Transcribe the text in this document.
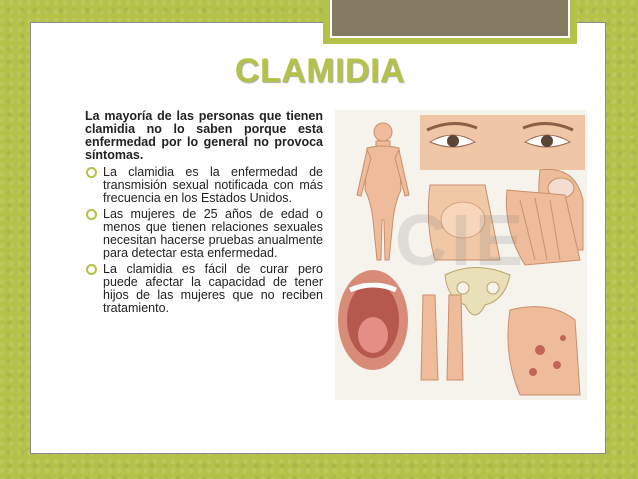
CLAMIDIA

La mayoría de las personas que tienen clamidia no lo saben porque esta enfermedad por lo general no provoca síntomas.

La clamidia es la enfermedad de transmisión sexual notificada con más frecuencia en los Estados Unidos.
Las mujeres de 25 años de edad o menos que tienen relaciones sexuales necesitan hacerse pruebas anualmente para detectar esta enfermedad.
La clamidia es fácil de curar pero puede afectar la capacidad de tener hijos de las mujeres que no reciben tratamiento.
CIE
